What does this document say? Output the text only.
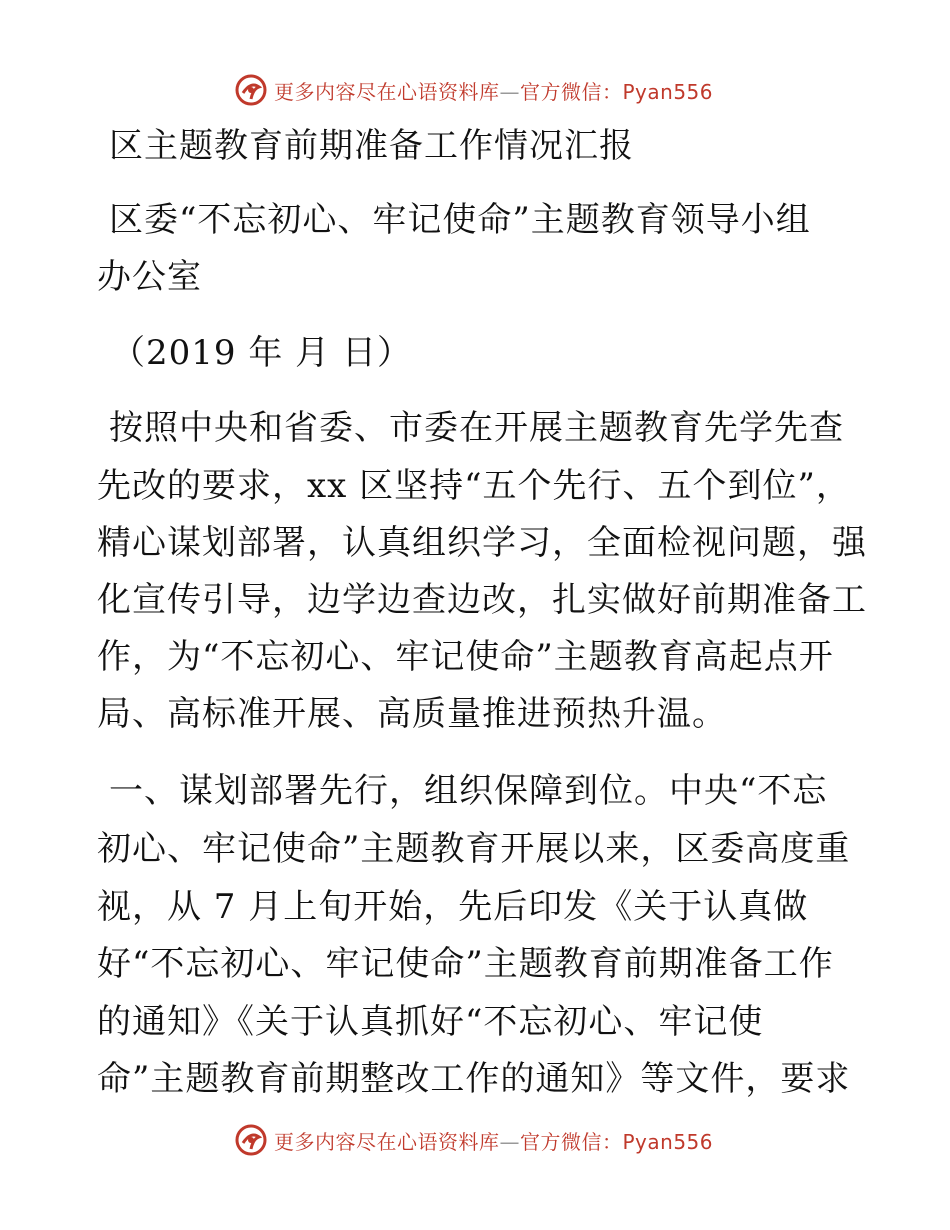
更多内容尽在心语资料库—官方微信：Pyan556
区主题教育前期准备工作情况汇报
区委“不忘初心、牢记使命”主题教育领导小组
办公室
（2019 年 月 日）
按照中央和省委、市委在开展主题教育先学先查
先改的要求，xx 区坚持“五个先行、五个到位”，
精心谋划部署，认真组织学习，全面检视问题，强
化宣传引导，边学边查边改，扎实做好前期准备工
作，为“不忘初心、牢记使命”主题教育高起点开
局、高标准开展、高质量推进预热升温。
一、谋划部署先行，组织保障到位。中央“不忘
初心、牢记使命”主题教育开展以来，区委高度重
视，从 7 月上旬开始，先后印发《关于认真做
好“不忘初心、牢记使命”主题教育前期准备工作
的通知》《关于认真抓好“不忘初心、牢记使
命”主题教育前期整改工作的通知》等文件，要求
更多内容尽在心语资料库—官方微信：Pyan556
